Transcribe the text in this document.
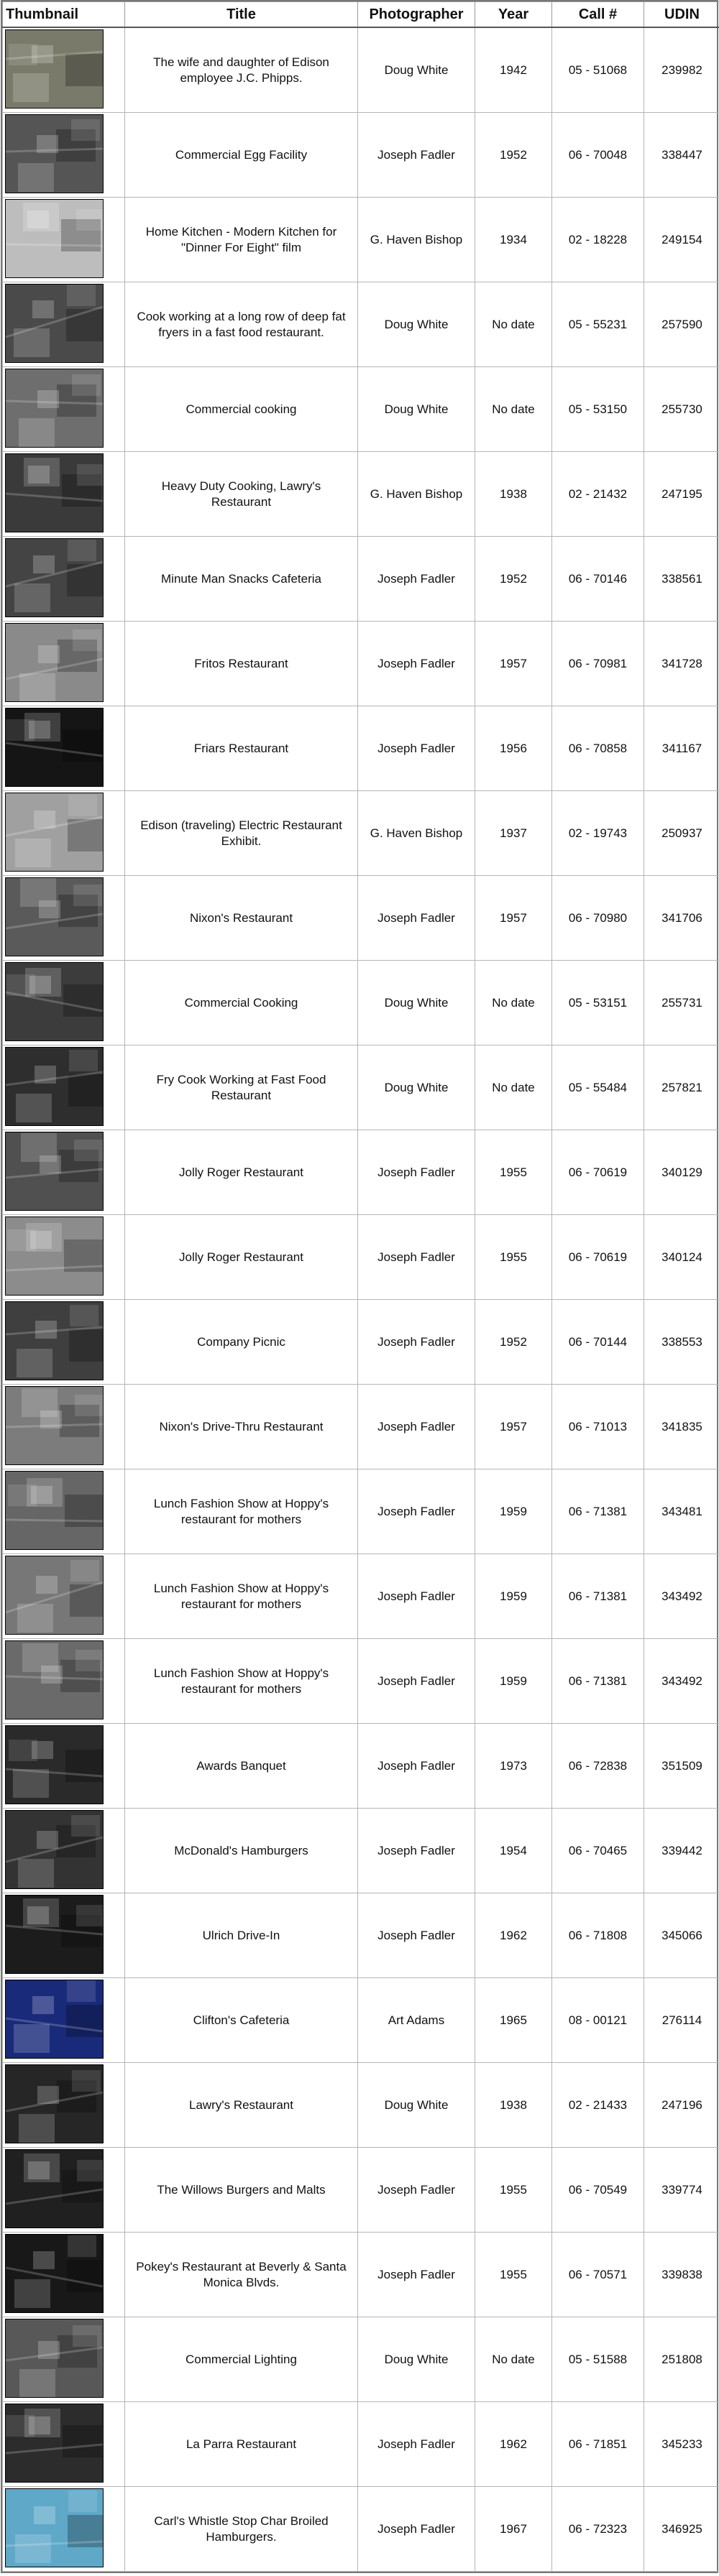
Thumbnail	Title	Photographer	Year	Call #	UDIN

	The wife and daughter of Edison employee J.C. Phipps.	Doug White	1942	05 - 51068	239982

	Commercial Egg Facility	Joseph Fadler	1952	06 - 70048	338447

	Home Kitchen - Modern Kitchen for "Dinner For Eight" film	G. Haven Bishop	1934	02 - 18228	249154

	Cook working at a long row of deep fat fryers in a fast food restaurant.	Doug White	No date	05 - 55231	257590

	Commercial cooking	Doug White	No date	05 - 53150	255730

	Heavy Duty Cooking, Lawry's Restaurant	G. Haven Bishop	1938	02 - 21432	247195

	Minute Man Snacks Cafeteria	Joseph Fadler	1952	06 - 70146	338561

	Fritos Restaurant	Joseph Fadler	1957	06 - 70981	341728

	Friars Restaurant	Joseph Fadler	1956	06 - 70858	341167

	Edison (traveling) Electric Restaurant Exhibit.	G. Haven Bishop	1937	02 - 19743	250937

	Nixon's Restaurant	Joseph Fadler	1957	06 - 70980	341706

	Commercial Cooking	Doug White	No date	05 - 53151	255731

	Fry Cook Working at Fast Food Restaurant	Doug White	No date	05 - 55484	257821

	Jolly Roger Restaurant	Joseph Fadler	1955	06 - 70619	340129

	Jolly Roger Restaurant	Joseph Fadler	1955	06 - 70619	340124

	Company Picnic	Joseph Fadler	1952	06 - 70144	338553

	Nixon's Drive-Thru Restaurant	Joseph Fadler	1957	06 - 71013	341835

	Lunch Fashion Show at Hoppy's restaurant for mothers	Joseph Fadler	1959	06 - 71381	343481

	Lunch Fashion Show at Hoppy's restaurant for mothers	Joseph Fadler	1959	06 - 71381	343492

	Lunch Fashion Show at Hoppy's restaurant for mothers	Joseph Fadler	1959	06 - 71381	343492

	Awards Banquet	Joseph Fadler	1973	06 - 72838	351509

	McDonald's Hamburgers	Joseph Fadler	1954	06 - 70465	339442

	Ulrich Drive-In	Joseph Fadler	1962	06 - 71808	345066

	Clifton's Cafeteria	Art Adams	1965	08 - 00121	276114

	Lawry's Restaurant	Doug White	1938	02 - 21433	247196

	The Willows Burgers and Malts	Joseph Fadler	1955	06 - 70549	339774

	Pokey's Restaurant at Beverly & Santa Monica Blvds.	Joseph Fadler	1955	06 - 70571	339838

	Commercial Lighting	Doug White	No date	05 - 51588	251808

	La Parra Restaurant	Joseph Fadler	1962	06 - 71851	345233

	Carl's Whistle Stop Char Broiled Hamburgers.	Joseph Fadler	1967	06 - 72323	346925
